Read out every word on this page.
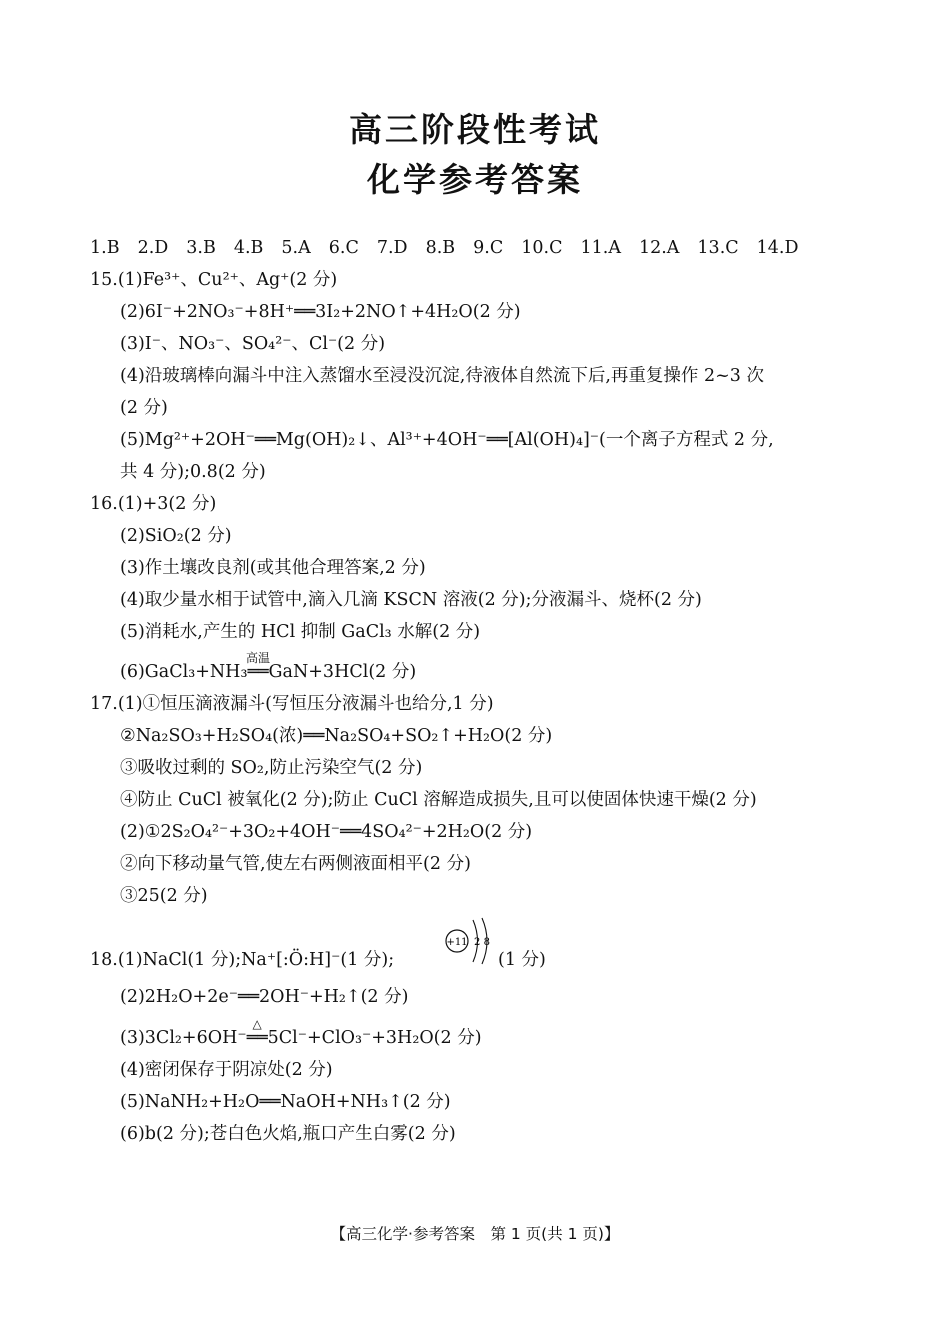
高三阶段性考试
化学参考答案
1.B 2.D 3.B 4.B 5.A 6.C 7.D 8.B 9.C 10.C 11.A 12.A 13.C 14.D
15.(1)Fe³⁺、Cu²⁺、Ag⁺(2 分)
(2)6I⁻+2NO₃⁻+8H⁺══3I₂+2NO↑+4H₂O(2 分)
(3)I⁻、NO₃⁻、SO₄²⁻、Cl⁻(2 分)
(4)沿玻璃棒向漏斗中注入蒸馏水至浸没沉淀,待液体自然流下后,再重复操作 2~3 次
(2 分)
(5)Mg²⁺+2OH⁻══Mg(OH)₂↓、Al³⁺+4OH⁻══[Al(OH)₄]⁻(一个离子方程式 2 分,
共 4 分);0.8(2 分)
16.(1)+3(2 分)
(2)SiO₂(2 分)
(3)作土壤改良剂(或其他合理答案,2 分)
(4)取少量水相于试管中,滴入几滴 KSCN 溶液(2 分);分液漏斗、烧杯(2 分)
(5)消耗水,产生的 HCl 抑制 GaCl₃ 水解(2 分)
(6)GaCl₃+NH₃
高温
══GaN+3HCl(2 分)
17.(1)①恒压滴液漏斗(写恒压分液漏斗也给分,1 分)
②Na₂SO₃+H₂SO₄(浓)══Na₂SO₄+SO₂↑+H₂O(2 分)
③吸收过剩的 SO₂,防止污染空气(2 分)
④防止 CuCl 被氧化(2 分);防止 CuCl 溶解造成损失,且可以使固体快速干燥(2 分)
(2)①2S₂O₄²⁻+3O₂+4OH⁻══4SO₄²⁻+2H₂O(2 分)
②向下移动量气管,使左右两侧液面相平(2 分)
③25(2 分)
18.(1)NaCl(1 分);Na⁺[:Ö:H]⁻(1 分);
+11 2 8
(1 分)
(2)2H₂O+2e⁻══2OH⁻+H₂↑(2 分)
(3)3Cl₂+6OH⁻
△
══5Cl⁻+ClO₃⁻+3H₂O(2 分)
(4)密闭保存于阴凉处(2 分)
(5)NaNH₂+H₂O══NaOH+NH₃↑(2 分)
(6)b(2 分);苍白色火焰,瓶口产生白雾(2 分)
【高三化学·参考答案　第 1 页(共 1 页)】
